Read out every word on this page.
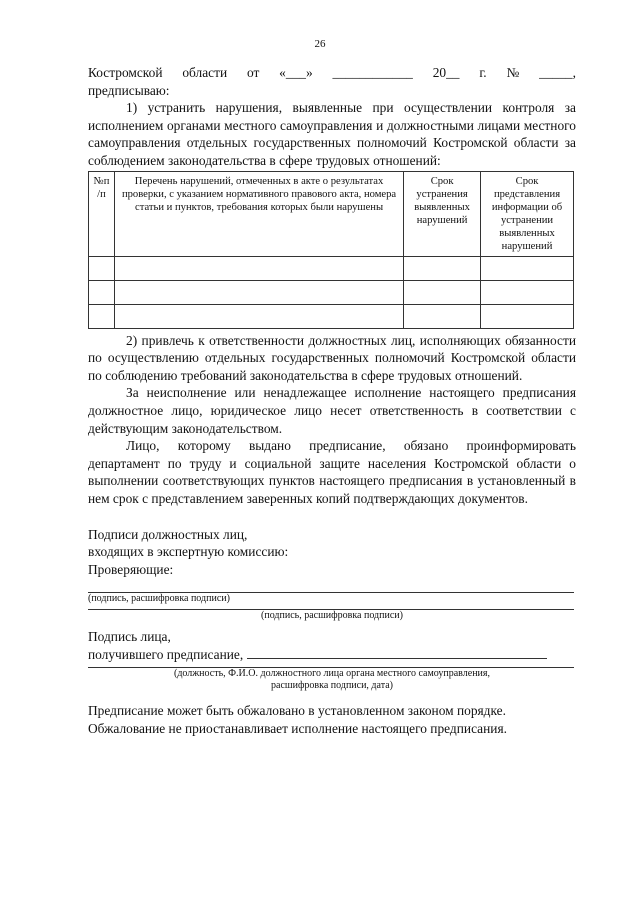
26
Костромской области от «___» ____________ 20__ г. № _____,

предписываю:

1) устранить нарушения, выявленные при осуществлении контроля за исполнением органами местного самоуправления и должностными лицами местного самоуправления отдельных государственных полномочий Костромской области за соблюдением законодательства в сфере трудовых отношений:

№п /п	Перечень нарушений, отмеченных в акте о результатах проверки, с указанием нормативного правового акта, номера статьи и пунктов, требования которых были нарушены	Срок устранения выявленных нарушений	Срок представления информации об устранении выявленных нарушений

2) привлечь к ответственности должностных лиц, исполняющих обязанности по осуществлению отдельных государственных полномочий Костромской области по соблюдению требований законодательства в сфере трудовых отношений.

За неисполнение или ненадлежащее исполнение настоящего предписания должностное лицо, юридическое лицо несет ответственность в соответствии с действующим законодательством.

Лицо, которому выдано предписание, обязано проинформировать департамент по труду и социальной защите населения Костромской области о выполнении соответствующих пунктов настоящего предписания в установленный в нем срок с представлением заверенных копий подтверждающих документов.

Подписи должностных лиц,

входящих в экспертную комиссию:

Проверяющие:

(подпись, расшифровка подписи)
(подпись, расшифровка подписи)

Подпись лица,

получившего предписание,

(должность, Ф.И.О. должностного лица органа местного самоуправления,
расшифровка подписи, дата)

Предписание может быть обжаловано в установленном законом порядке.

Обжалование не приостанавливает исполнение настоящего предписания.
